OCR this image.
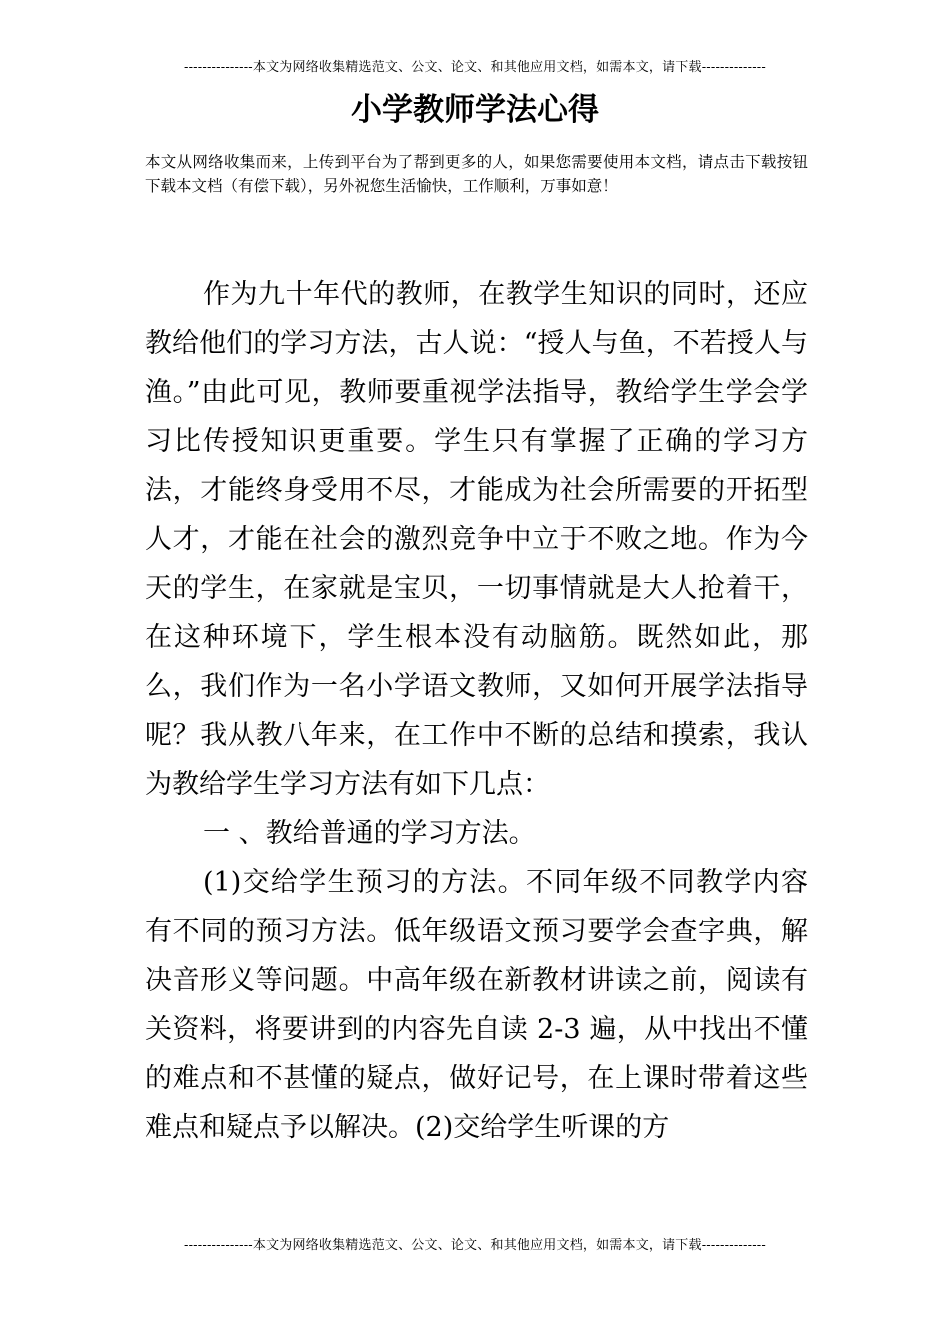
---------------本文为网络收集精选范文、公文、论文、和其他应用文档，如需本文，请下载--------------
小学教师学法心得

本文从网络收集而来，上传到平台为了帮到更多的人，如果您需要使用本文档，请点击下载按钮下载本文档（有偿下载），另外祝您生活愉快，工作顺利，万事如意！

作为九十年代的教师，在教学生知识的同时，还应教给他们的学习方法，古人说：“授人与鱼，不若授人与渔。”由此可见，教师要重视学法指导，教给学生学会学习比传授知识更重要。学生只有掌握了正确的学习方法，才能终身受用不尽，才能成为社会所需要的开拓型人才，才能在社会的激烈竞争中立于不败之地。作为今天的学生，在家就是宝贝，一切事情就是大人抢着干，在这种环境下，学生根本没有动脑筋。既然如此，那么，我们作为一名小学语文教师，又如何开展学法指导呢？我从教八年来，在工作中不断的总结和摸索，我认为教给学生学习方法有如下几点：

一 、教给普通的学习方法。

(1)交给学生预习的方法。不同年级不同教学内容有不同的预习方法。低年级语文预习要学会查字典，解决音形义等问题。中高年级在新教材讲读之前，阅读有关资料，将要讲到的内容先自读 2-3 遍，从中找出不懂的难点和不甚懂的疑点，做好记号，在上课时带着这些难点和疑点予以解决。(2)交给学生听课的方

---------------本文为网络收集精选范文、公文、论文、和其他应用文档，如需本文，请下载--------------
